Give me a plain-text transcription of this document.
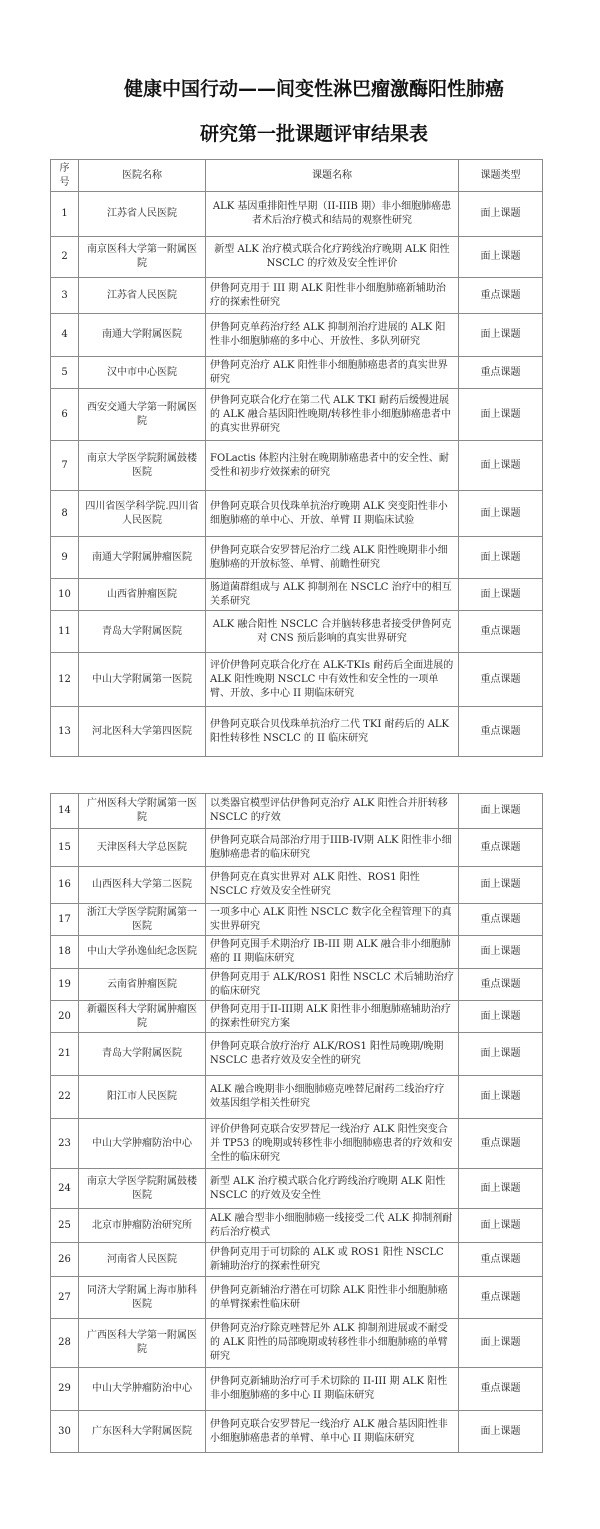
健康中国行动——间变性淋巴瘤激酶阳性肺癌
研究第一批课题评审结果表
序号	医院名称	课题名称	课题类型
1	江苏省人民医院	ALK 基因重排阳性早期（II-IIIB 期）非小细胞肺癌患者术后治疗模式和结局的观察性研究	面上课题
2	南京医科大学第一附属医院	新型 ALK 治疗模式联合化疗跨线治疗晚期 ALK 阳性 NSCLC 的疗效及安全性评价	面上课题
3	江苏省人民医院	伊鲁阿克用于 III 期 ALK 阳性非小细胞肺癌新辅助治疗的探索性研究	重点课题
4	南通大学附属医院	伊鲁阿克单药治疗经 ALK 抑制剂治疗进展的 ALK 阳性非小细胞肺癌的多中心、开放性、多队列研究	面上课题
5	汉中市中心医院	伊鲁阿克治疗 ALK 阳性非小细胞肺癌患者的真实世界研究	重点课题
6	西安交通大学第一附属医院	伊鲁阿克联合化疗在第二代 ALK TKI 耐药后缓慢进展的 ALK 融合基因阳性晚期/转移性非小细胞肺癌患者中的真实世界研究	面上课题
7	南京大学医学院附属鼓楼医院	FOLactis 体腔内注射在晚期肺癌患者中的安全性、耐受性和初步疗效探索的研究	面上课题
8	四川省医学科学院.四川省人民医院	伊鲁阿克联合贝伐珠单抗治疗晚期 ALK 突变阳性非小细胞肺癌的单中心、开放、单臂 II 期临床试验	面上课题
9	南通大学附属肿瘤医院	伊鲁阿克联合安罗替尼治疗二线 ALK 阳性晚期非小细胞肺癌的开放标签、单臂、前瞻性研究	面上课题
10	山西省肿瘤医院	肠道菌群组成与 ALK 抑制剂在 NSCLC 治疗中的相互关系研究	面上课题
11	青岛大学附属医院	ALK 融合阳性 NSCLC 合并脑转移患者接受伊鲁阿克对 CNS 预后影响的真实世界研究	重点课题
12	中山大学附属第一医院	评价伊鲁阿克联合化疗在 ALK-TKIs 耐药后全面进展的 ALK 阳性晚期 NSCLC 中有效性和安全性的一项单臂、开放、多中心 II 期临床研究	重点课题
13	河北医科大学第四医院	伊鲁阿克联合贝伐珠单抗治疗二代 TKI 耐药后的 ALK 阳性转移性 NSCLC 的 II 临床研究	重点课题
14	广州医科大学附属第一医院	以类器官模型评估伊鲁阿克治疗 ALK 阳性合并肝转移 NSCLC 的疗效	面上课题
15	天津医科大学总医院	伊鲁阿克联合局部治疗用于IIIB-IV期 ALK 阳性非小细胞肺癌患者的临床研究	重点课题
16	山西医科大学第二医院	伊鲁阿克在真实世界对 ALK 阳性、ROS1 阳性 NSCLC 疗效及安全性研究	面上课题
17	浙江大学医学院附属第一医院	一项多中心 ALK 阳性 NSCLC 数字化全程管理下的真实世界研究	重点课题
18	中山大学孙逸仙纪念医院	伊鲁阿克围手术期治疗 IB-III 期 ALK 融合非小细胞肺癌的 II 期临床研究	面上课题
19	云南省肿瘤医院	伊鲁阿克用于 ALK/ROS1 阳性 NSCLC 术后辅助治疗的临床研究	重点课题
20	新疆医科大学附属肿瘤医院	伊鲁阿克用于II-III期 ALK 阳性非小细胞肺癌辅助治疗的探索性研究方案	面上课题
21	青岛大学附属医院	伊鲁阿克联合放疗治疗 ALK/ROS1 阳性局晚期/晚期 NSCLC 患者疗效及安全性的研究	面上课题
22	阳江市人民医院	ALK 融合晚期非小细胞肺癌克唑替尼耐药二线治疗疗效基因组学相关性研究	面上课题
23	中山大学肿瘤防治中心	评价伊鲁阿克联合安罗替尼一线治疗 ALK 阳性突变合并 TP53 的晚期或转移性非小细胞肺癌患者的疗效和安全性的临床研究	重点课题
24	南京大学医学院附属鼓楼医院	新型 ALK 治疗模式联合化疗跨线治疗晚期 ALK 阳性 NSCLC 的疗效及安全性	面上课题
25	北京市肿瘤防治研究所	ALK 融合型非小细胞肺癌一线接受二代 ALK 抑制剂耐药后治疗模式	面上课题
26	河南省人民医院	伊鲁阿克用于可切除的 ALK 或 ROS1 阳性 NSCLC 新辅助治疗的探索性研究	重点课题
27	同济大学附属上海市肺科医院	伊鲁阿克新辅治疗潜在可切除 ALK 阳性非小细胞肺癌的单臂探索性临床研	重点课题
28	广西医科大学第一附属医院	伊鲁阿克治疗除克唑替尼外 ALK 抑制剂进展或不耐受的 ALK 阳性的局部晚期或转移性非小细胞肺癌的单臂研究	面上课题
29	中山大学肿瘤防治中心	伊鲁阿克新辅助治疗可手术切除的 II-III 期 ALK 阳性非小细胞肺癌的多中心 II 期临床研究	重点课题
30	广东医科大学附属医院	伊鲁阿克联合安罗替尼一线治疗 ALK 融合基因阳性非小细胞肺癌患者的单臂、单中心 II 期临床研究	面上课题
